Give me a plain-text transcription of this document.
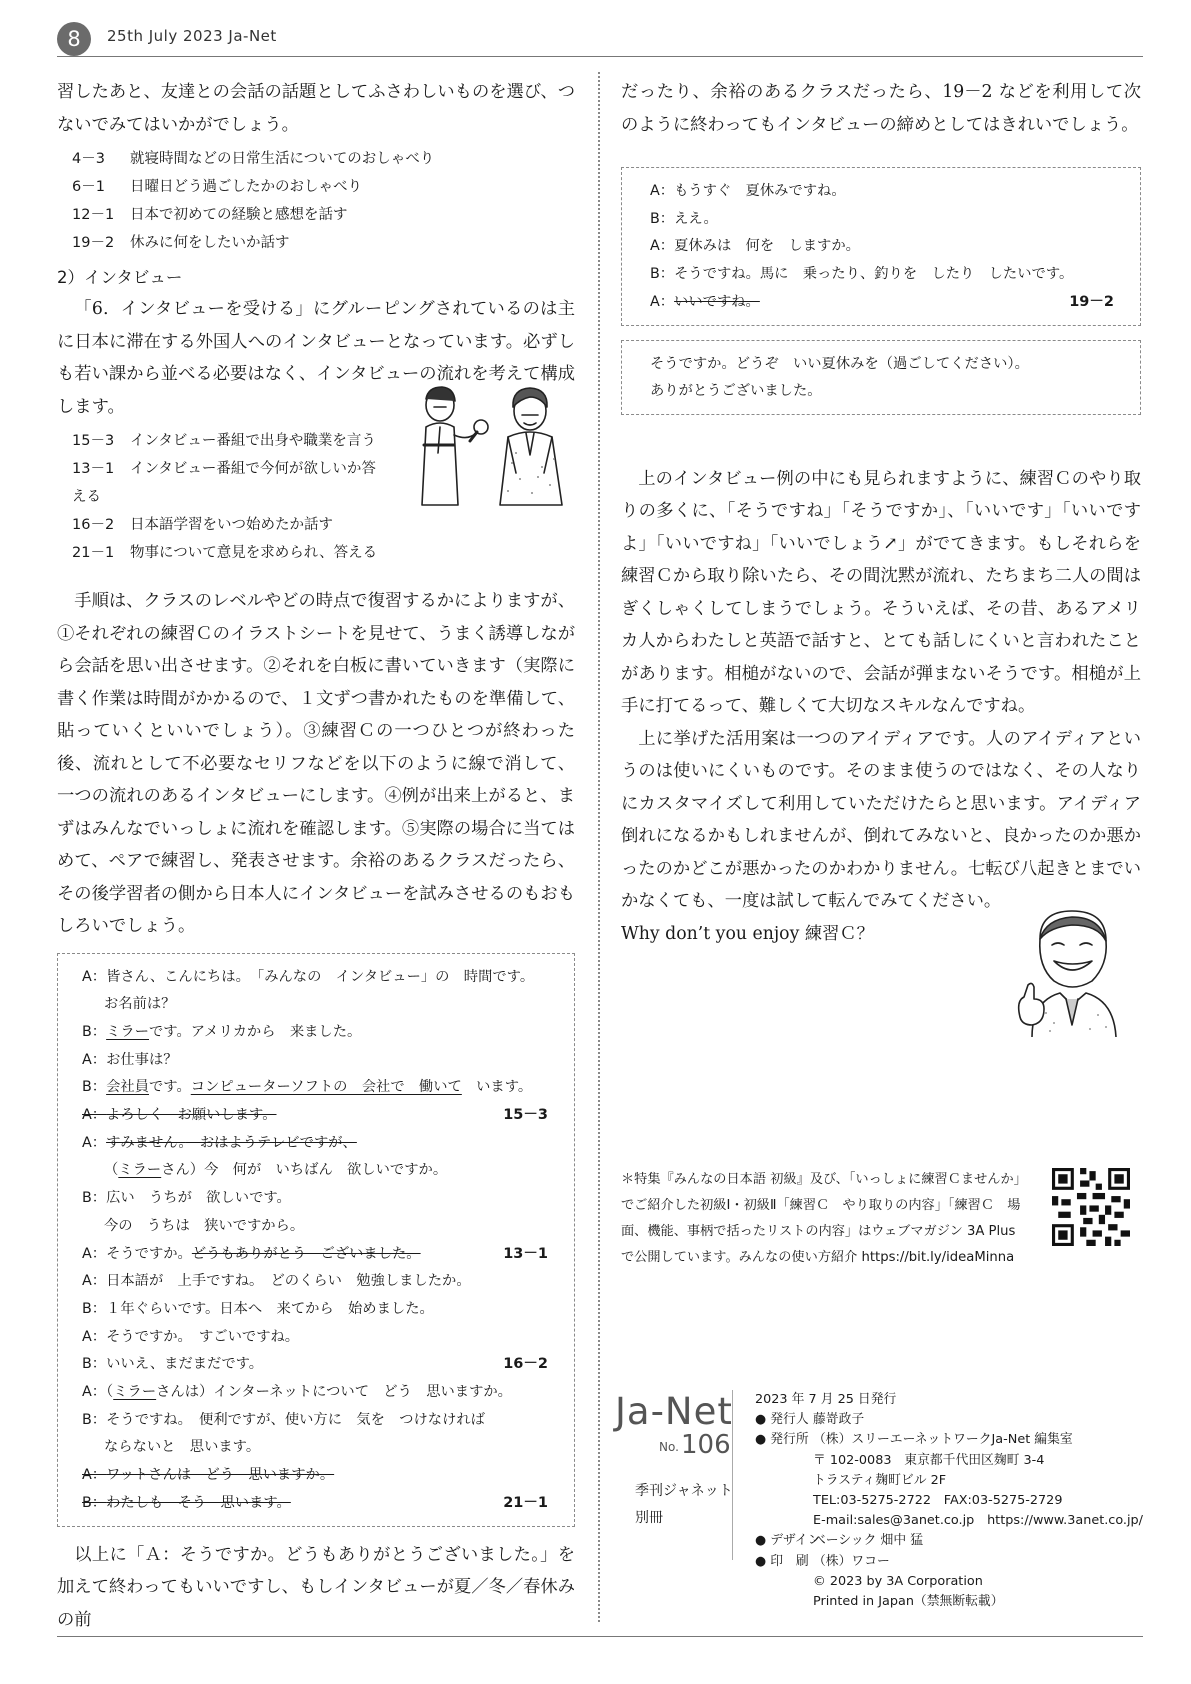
8	25th July 2023 Ja-Net

習したあと、友達との会話の話題としてふさわしいものを選び、つないでみてはいかがでしょう。

4－3 就寝時間などの日常生活についてのおしゃべり
6－1 日曜日どう過ごしたかのおしゃべり
12－1 日本で初めての経験と感想を話す
19－2 休みに何をしたいか話す
2）インタビュー

「6．インタビューを受ける」にグルーピングされているのは主に日本に滞在する外国人へのインタビューとなっています。必ずしも若い課から並べる必要はなく、インタビューの流れを考えて構成します。

15－3 インタビュー番組で出身や職業を言う
13－1 インタビュー番組で今何が欲しいか答える
16－2 日本語学習をいつ始めたか話す
21－1 物事について意見を求められ、答える

手順は、クラスのレベルやどの時点で復習するかによりますが、①それぞれの練習Ｃのイラストシートを見せて、うまく誘導しながら会話を思い出させます。②それを白板に書いていきます（実際に書く作業は時間がかかるので、１文ずつ書かれたものを準備して、貼っていくといいでしょう）。③練習Ｃの一つひとつが終わった後、流れとして不必要なセリフなどを以下のように線で消して、一つの流れのあるインタビューにします。④例が出来上がると、まずはみんなでいっしょに流れを確認します。⑤実際の場合に当てはめて、ペアで練習し、発表させます。余裕のあるクラスだったら、その後学習者の側から日本人にインタビューを試みさせるのもおもしろいでしょう。

A：皆さん、こんにちは。　「みんなの　インタビュー」の　時間です。
お名前は？
B：ミラーです。アメリカから　来ました。
A：お仕事は？
B：会社員です。コンピューターソフトの　会社で　働いて　います。
A：よろしく　お願いします。	15－3
A：すみません。　おはようテレビですが、
（ミラーさん）今　何が　いちばん　欲しいですか。
B：広い　うちが　欲しいです。
今の　うちは　狭いですから。
A：そうですか。どうもありがとう　ございました。	13－1
A：日本語が　上手ですね。　どのくらい　勉強しましたか。
B：１年ぐらいです。日本へ　来てから　始めました。
A：そうですか。　すごいですね。
B：いいえ、まだまだです。	16－2
A：（ミラーさんは）インターネットについて　どう　思いますか。
B：そうですね。　便利ですが、使い方に　気を　つけなければ
ならないと　思います。
A：ワットさんは　どう　思いますか。
B：わたしも　そう　思います。	21－1

以上に「Ａ：そうですか。どうもありがとうございました。」を加えて終わってもいいですし、もしインタビューが夏／冬／春休みの前

だったり、余裕のあるクラスだったら、19－2 などを利用して次のように終わってもインタビューの締めとしてはきれいでしょう。

A：もうすぐ　夏休みですね。
B：ええ。
A：夏休みは　何を　しますか。
B：そうですね。馬に　乗ったり、釣りを　したり　したいです。
A：いいですね。	19－2
そうですか。どうぞ　いい夏休みを（過ごしてください）。
ありがとうございました。

上のインタビュー例の中にも見られますように、練習Ｃのやり取りの多くに、「そうですね」「そうですか」、「いいです」「いいですよ」「いいですね」「いいでしょう↗」がでてきます。もしそれらを練習Ｃから取り除いたら、その間沈黙が流れ、たちまち二人の間はぎくしゃくしてしまうでしょう。そういえば、その昔、あるアメリカ人からわたしと英語で話すと、とても話しにくいと言われたことがあります。相槌がないので、会話が弾まないそうです。相槌が上手に打てるって、難しくて大切なスキルなんですね。

上に挙げた活用案は一つのアイディアです。人のアイディアというのは使いにくいものです。そのまま使うのではなく、その人なりにカスタマイズして利用していただけたらと思います。アイディア倒れになるかもしれませんが、倒れてみないと、良かったのか悪かったのかどこが悪かったのかわかりません。七転び八起きとまでいかなくても、一度は試して転んでみてください。

Why don’t you enjoy 練習Ｃ？

＊特集『みんなの日本語 初級』及び、「いっしょに練習Ｃませんか」でご紹介した初級Ⅰ・初級Ⅱ「練習Ｃ　やり取りの内容」「練習Ｃ　場面、機能、事柄で括ったリストの内容」はウェブマガジン 3A Plus で公開しています。みんなの使い方紹介 https://bit.ly/ideaMinna
Ja-Net
No. 106
季刊ジャネット
別冊
2023 年 7 月 25 日発行
● 発行人 藤嵜政子
● 発行所 （株）スリーエーネットワークJa-Net 編集室
〒 102-0083　東京都千代田区麹町 3-4
トラスティ麹町ビル 2F
TEL:03-5275-2722　FAX:03-5275-2729
E-mail:sales@3anet.co.jp　https://www.3anet.co.jp/
● デザインベーシック 畑中 猛
● 印　刷 （株）ワコー
© 2023 by 3A Corporation
Printed in Japan（禁無断転載）
